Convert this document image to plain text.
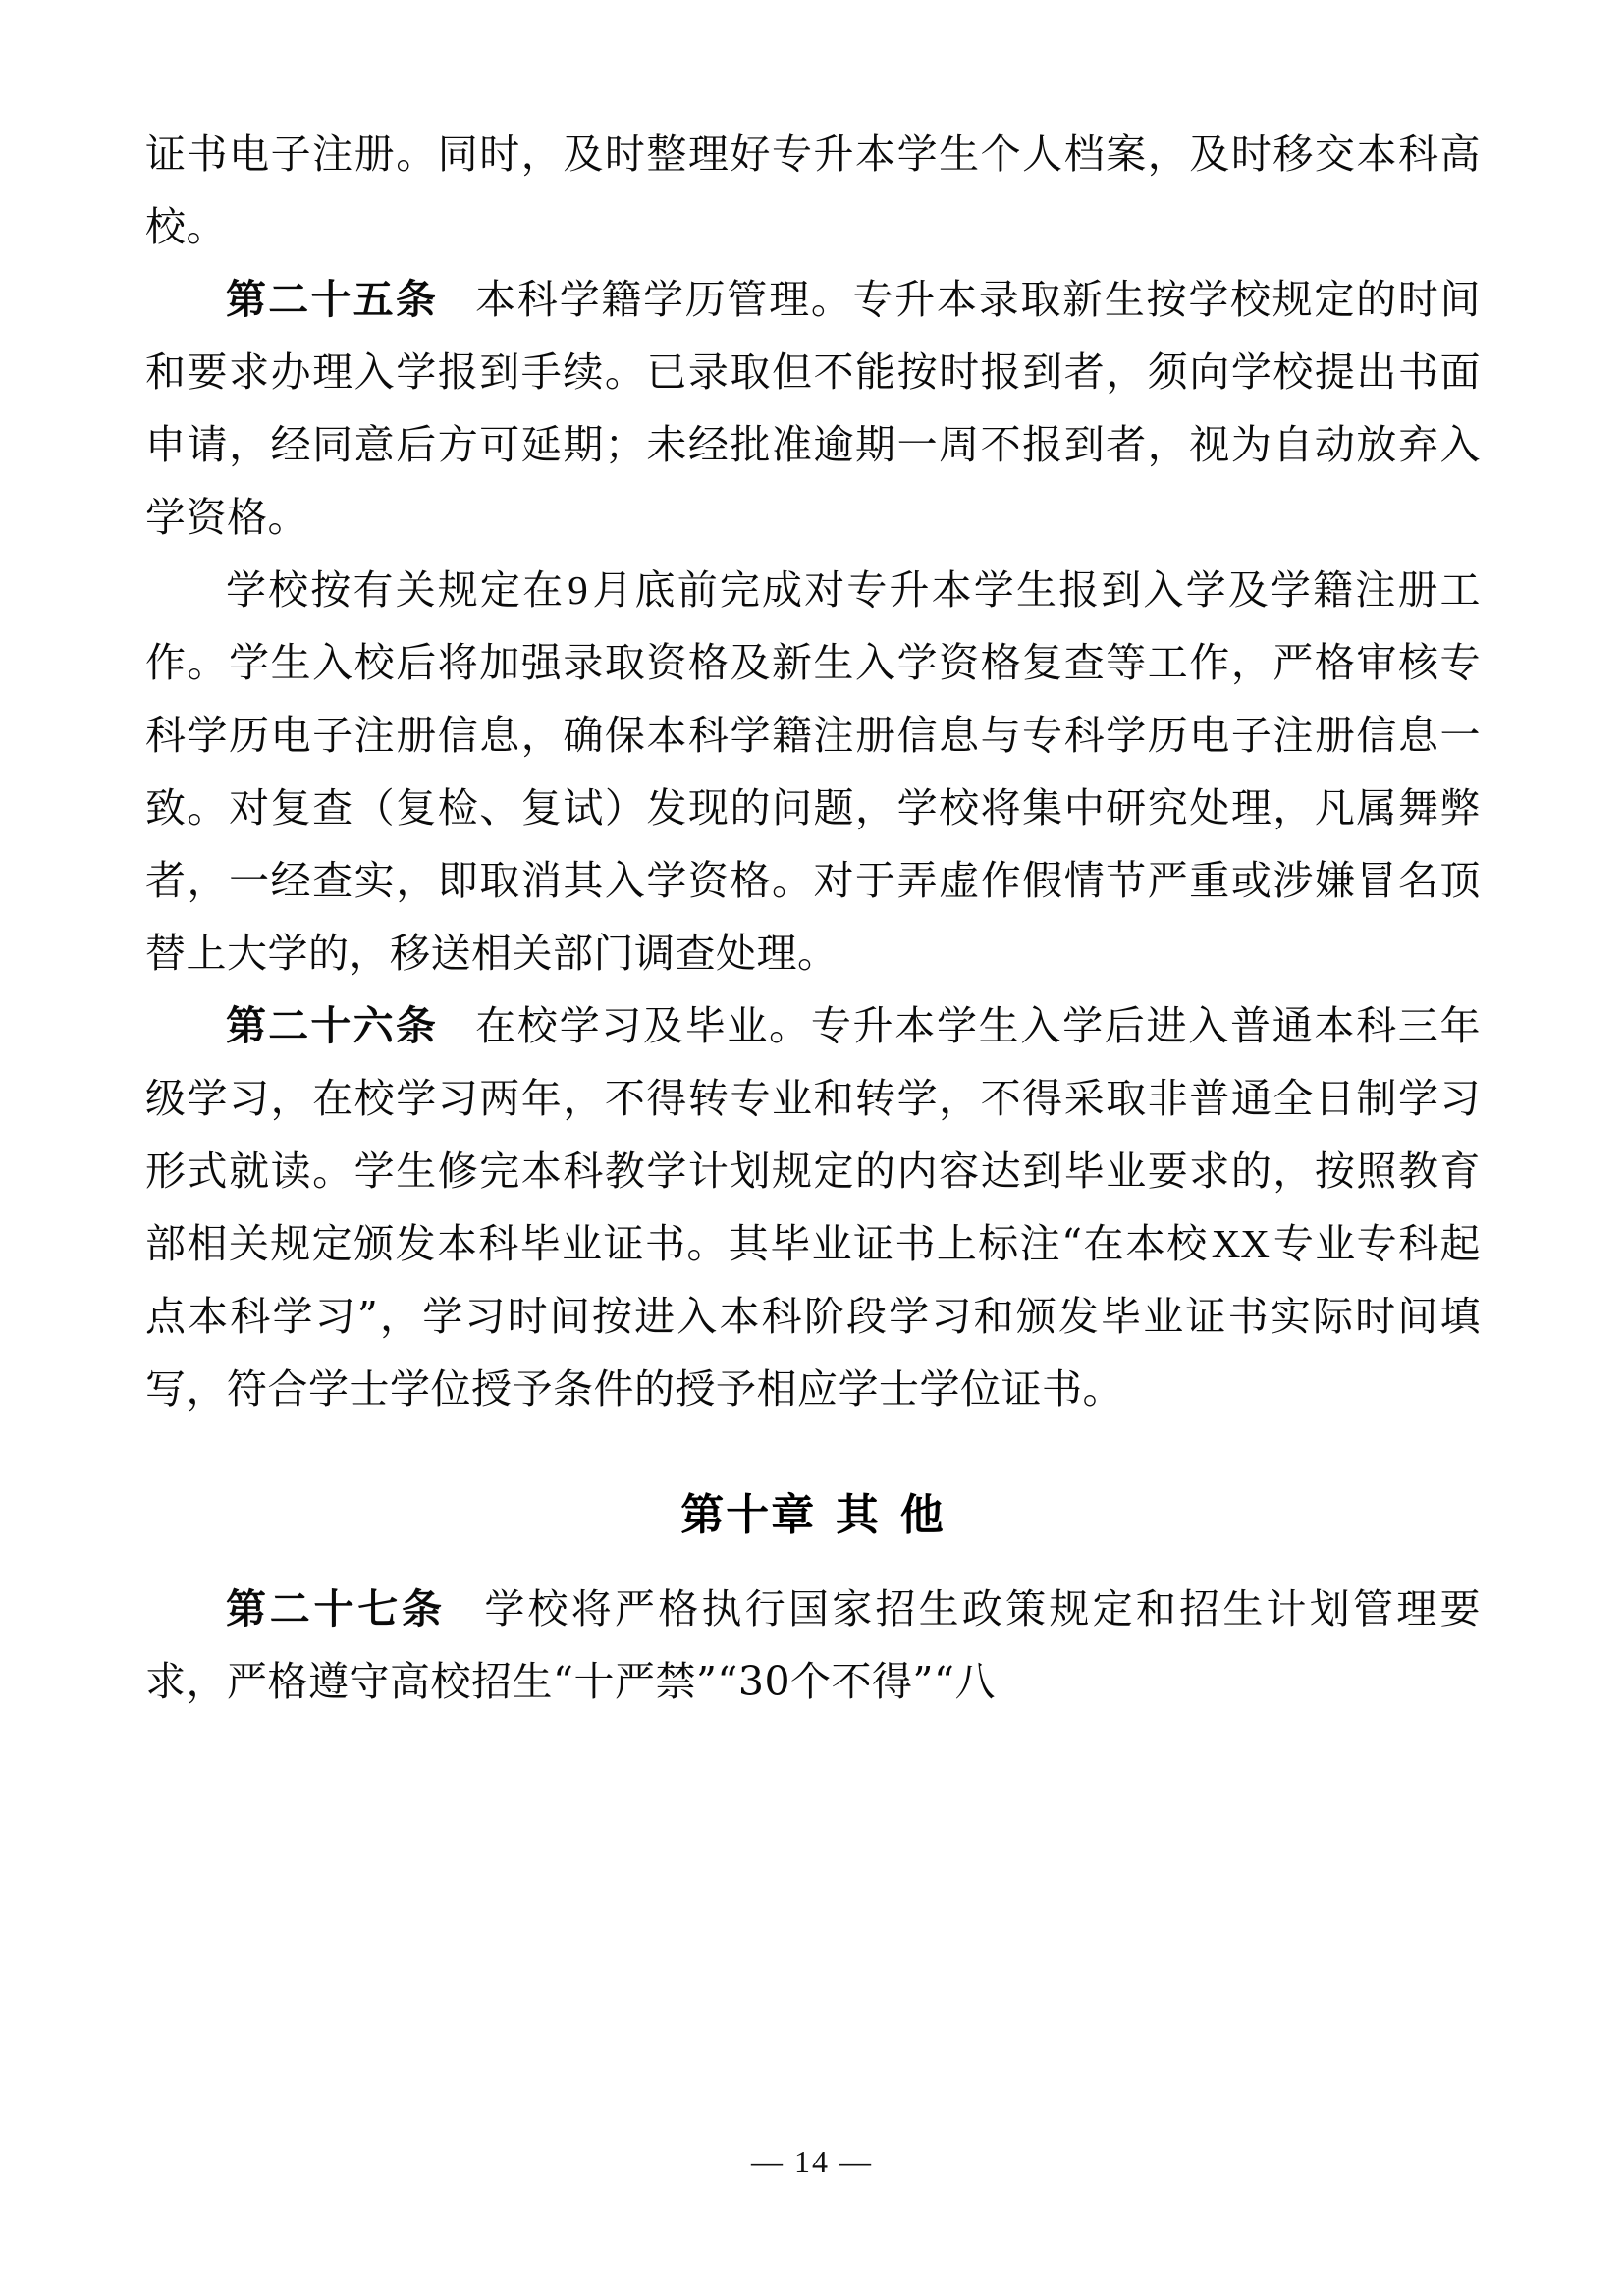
证书电子注册。同时，及时整理好专升本学生个人档案，及时移交本科高校。

第二十五条 本科学籍学历管理。专升本录取新生按学校规定的时间和要求办理入学报到手续。已录取但不能按时报到者，须向学校提出书面申请，经同意后方可延期；未经批准逾期一周不报到者，视为自动放弃入学资格。

学校按有关规定在9月底前完成对专升本学生报到入学及学籍注册工作。学生入校后将加强录取资格及新生入学资格复查等工作，严格审核专科学历电子注册信息，确保本科学籍注册信息与专科学历电子注册信息一致。对复查（复检、复试）发现的问题，学校将集中研究处理，凡属舞弊者，一经查实，即取消其入学资格。对于弄虚作假情节严重或涉嫌冒名顶替上大学的，移送相关部门调查处理。

第二十六条 在校学习及毕业。专升本学生入学后进入普通本科三年级学习，在校学习两年，不得转专业和转学，不得采取非普通全日制学习形式就读。学生修完本科教学计划规定的内容达到毕业要求的，按照教育部相关规定颁发本科毕业证书。其毕业证书上标注“在本校XX专业专科起点本科学习”，学习时间按进入本科阶段学习和颁发毕业证书实际时间填写，符合学士学位授予条件的授予相应学士学位证书。

第十章 其 他

第二十七条 学校将严格执行国家招生政策规定和招生计划管理要求，严格遵守高校招生“十严禁”“30个不得”“八

— 14 —
